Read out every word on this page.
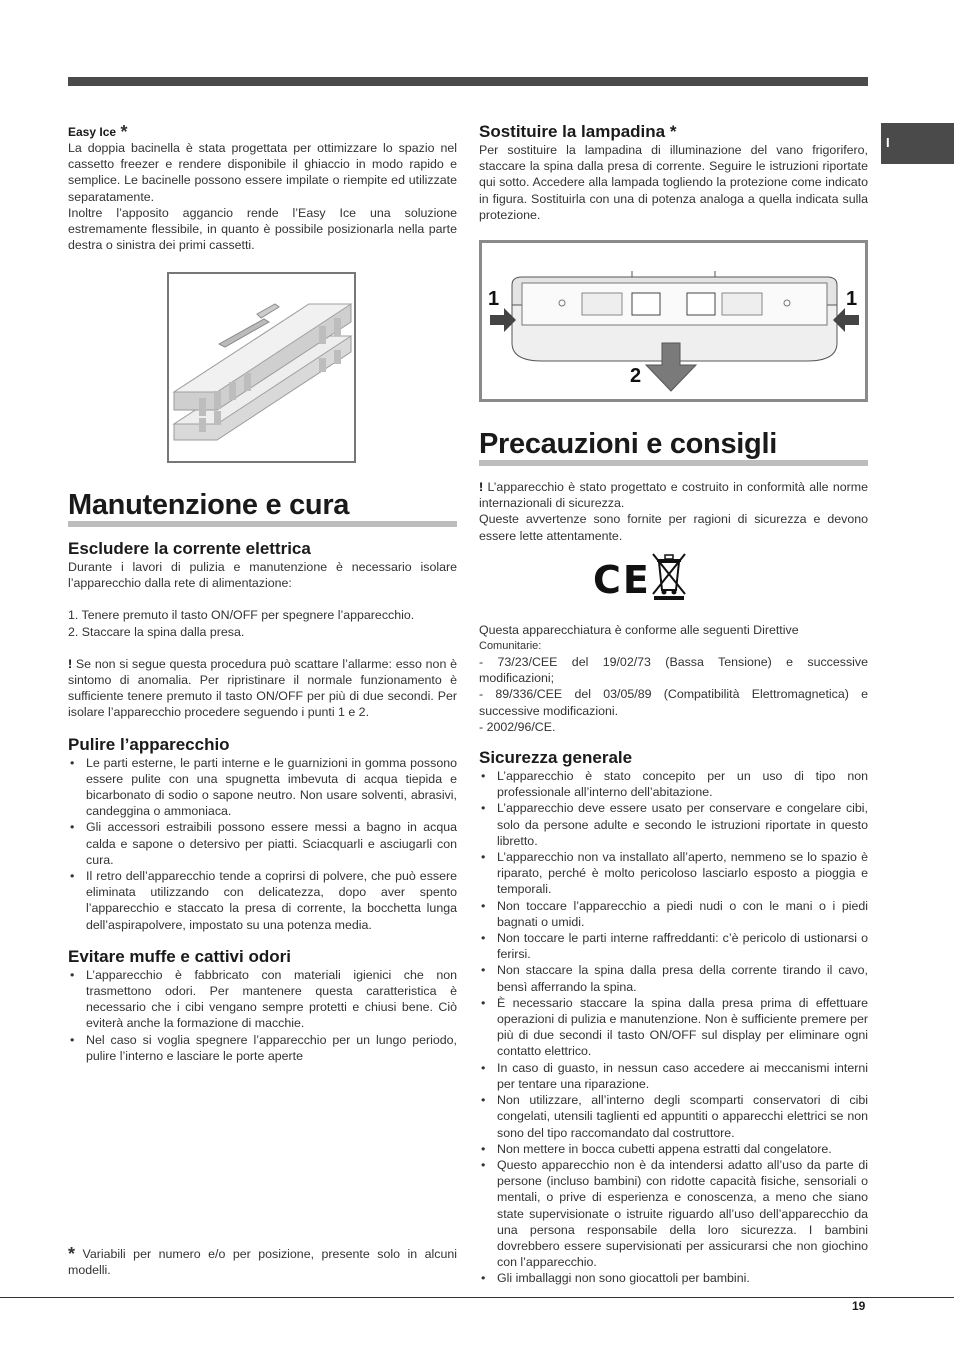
I
Easy Ice *

La doppia bacinella è stata progettata per ottimizzare lo spazio nel cassetto freezer e rendere disponibile il ghiaccio in modo rapido e semplice. Le bacinelle possono essere impilate o riempite ed utilizzate separatamente.

Inoltre l’apposito aggancio rende l’Easy Ice una soluzione estremamente flessibile, in quanto è possibile posizionarla nella parte destra o sinistra dei primi cassetti.

Manutenzione e cura
Escludere la corrente elettrica

Durante i lavori di pulizia e manutenzione è necessario isolare l’apparecchio dalla rete di alimentazione:

1. Tenere premuto il tasto ON/OFF per spegnere l’apparecchio.

2. Staccare la spina dalla presa.

! Se non si segue questa procedura può scattare l’allarme: esso non è sintomo di anomalia. Per ripristinare il normale funzionamento è sufficiente tenere premuto il tasto ON/OFF per più di due secondi. Per isolare l’apparecchio procedere seguendo i punti 1 e 2.

Pulire l’apparecchio
• Le parti esterne, le parti interne e le guarnizioni in gomma possono essere pulite con una spugnetta imbevuta di acqua tiepida e bicarbonato di sodio o sapone neutro. Non usare solventi, abrasivi, candeggina o ammoniaca.
• Gli accessori estraibili possono essere messi a bagno in acqua calda e sapone o detersivo per piatti. Sciacquarli e asciugarli con cura.
• Il retro dell’apparecchio tende a coprirsi di polvere, che può essere eliminata utilizzando con delicatezza, dopo aver spento l’apparecchio e staccato la presa di corrente, la bocchetta lunga dell’aspirapolvere, impostato su una potenza media.
Evitare muffe e cattivi odori
• L’apparecchio è fabbricato con materiali igienici che non trasmettono odori. Per mantenere questa caratteristica è necessario che i cibi vengano sempre protetti e chiusi bene. Ciò eviterà anche la formazione di macchie.
• Nel caso si voglia spegnere l’apparecchio per un lungo periodo, pulire l’interno e lasciare le porte aperte

* Variabili per numero e/o per posizione, presente solo in alcuni modelli.

Sostituire la lampadina *

Per sostituire la lampadina di illuminazione del vano frigorifero, staccare la spina dalla presa di corrente. Seguire le istruzioni riportate qui sotto. Accedere alla lampada togliendo la protezione come indicato in figura. Sostituirla con una di potenza analoga a quella indicata sulla protezione.

1	1
2
Precauzioni e consigli

! L’apparecchio è stato progettato e costruito in conformità alle norme internazionali di sicurezza.

Queste avvertenze sono fornite per ragioni di sicurezza e devono essere lette attentamente.

CE

Questa apparecchiatura è conforme alle seguenti Direttive

Comunitarie:

- 73/23/CEE del 19/02/73 (Bassa Tensione) e successive modificazioni;

- 89/336/CEE del 03/05/89 (Compatibilità Elettromagnetica) e successive modificazioni.

- 2002/96/CE.

Sicurezza generale
• L’apparecchio è stato concepito per un uso di tipo non professionale all’interno dell’abitazione.
• L’apparecchio deve essere usato per conservare e congelare cibi, solo da persone adulte e secondo le istruzioni riportate in questo libretto.
• L’apparecchio non va installato all’aperto, nemmeno se lo spazio è riparato, perché è molto pericoloso lasciarlo esposto a pioggia e temporali.
• Non toccare l’apparecchio a piedi nudi o con le mani o i piedi bagnati o umidi.
• Non toccare le parti interne raffreddanti: c’è pericolo di ustionarsi o ferirsi.
• Non staccare la spina dalla presa della corrente tirando il cavo, bensì afferrando la spina.
• È necessario staccare la spina dalla presa prima di effettuare operazioni di pulizia e manutenzione. Non è sufficiente premere per più di due secondi il tasto ON/OFF sul display per eliminare ogni contatto elettrico.
• In caso di guasto, in nessun caso accedere ai meccanismi interni per tentare una riparazione.
• Non utilizzare, all’interno degli scomparti conservatori di cibi congelati, utensili taglienti ed appuntiti o apparecchi elettrici se non sono del tipo raccomandato dal costruttore.
• Non mettere in bocca cubetti appena estratti dal congelatore.
• Questo apparecchio non è da intendersi adatto all’uso da parte di persone (incluso bambini) con ridotte capacità fisiche, sensoriali o mentali, o prive di esperienza e conoscenza, a meno che siano state supervisionate o istruite riguardo all’uso dell’apparecchio da una persona responsabile della loro sicurezza. I bambini dovrebbero essere supervisionati per assicurarsi che non giochino con l’apparecchio.
• Gli imballaggi non sono giocattoli per bambini.
19
